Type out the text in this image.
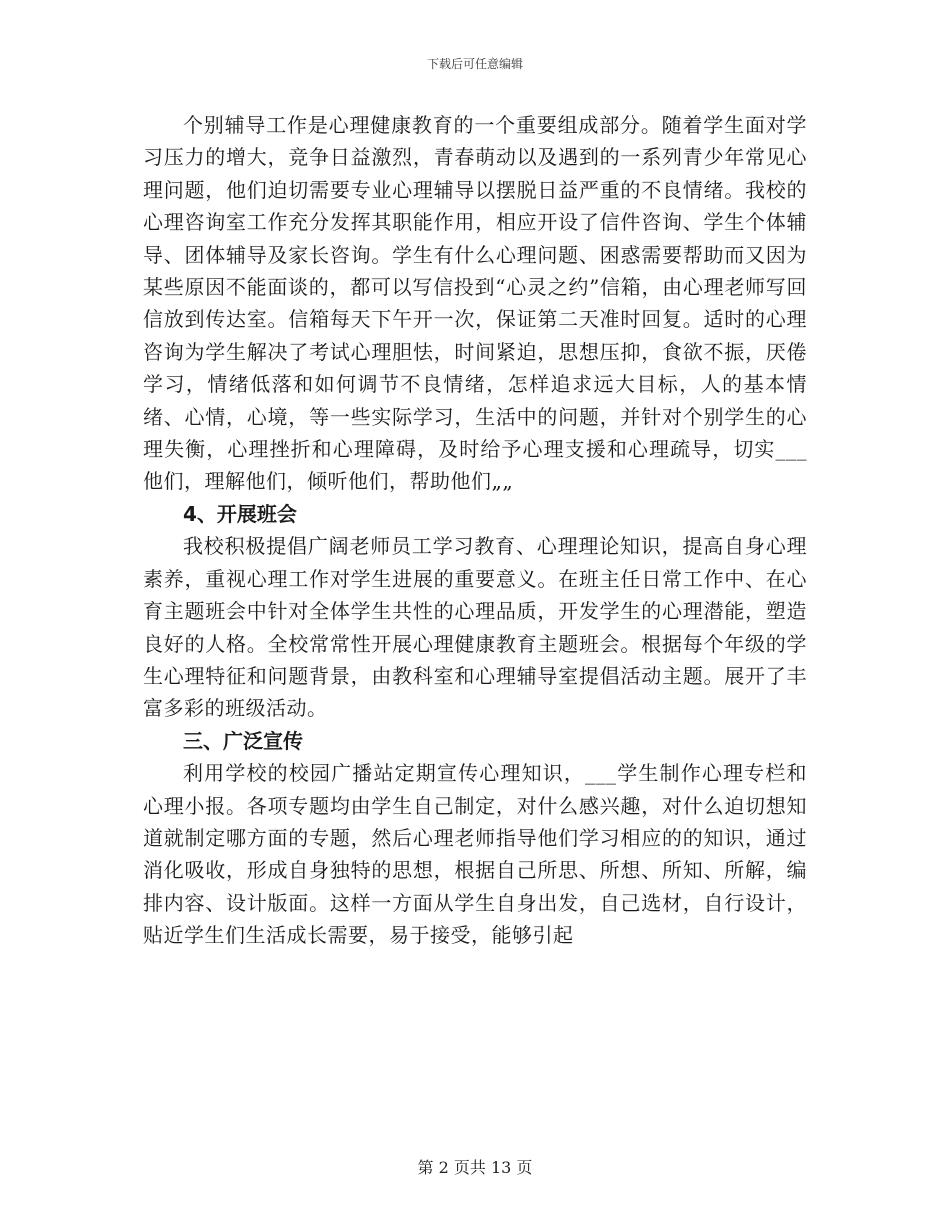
下载后可任意编辑

个别辅导工作是心理健康教育的一个重要组成部分。随着学生面对学习压力的增大，竞争日益激烈，青春萌动以及遇到的一系列青少年常见心理问题，他们迫切需要专业心理辅导以摆脱日益严重的不良情绪。我校的心理咨询室工作充分发挥其职能作用，相应开设了信件咨询、学生个体辅导、团体辅导及家长咨询。学生有什么心理问题、困惑需要帮助而又因为某些原因不能面谈的，都可以写信投到“心灵之约”信箱，由心理老师写回信放到传达室。信箱每天下午开一次，保证第二天准时回复。适时的心理咨询为学生解决了考试心理胆怯，时间紧迫，思想压抑，食欲不振，厌倦学习，情绪低落和如何调节不良情绪，怎样追求远大目标，人的基本情绪、心情，心境，等一些实际学习，生活中的问题，并针对个别学生的心理失衡，心理挫折和心理障碍，及时给予心理支援和心理疏导，切实___他们，理解他们，倾听他们，帮助他们„„

4、开展班会

我校积极提倡广阔老师员工学习教育、心理理论知识，提高自身心理素养，重视心理工作对学生进展的重要意义。在班主任日常工作中、在心育主题班会中针对全体学生共性的心理品质，开发学生的心理潜能，塑造良好的人格。全校常常性开展心理健康教育主题班会。根据每个年级的学生心理特征和问题背景，由教科室和心理辅导室提倡活动主题。展开了丰富多彩的班级活动。

三、广泛宣传

利用学校的校园广播站定期宣传心理知识，___学生制作心理专栏和心理小报。各项专题均由学生自己制定，对什么感兴趣，对什么迫切想知道就制定哪方面的专题，然后心理老师指导他们学习相应的的知识，通过消化吸收，形成自身独特的思想，根据自己所思、所想、所知、所解，编排内容、设计版面。这样一方面从学生自身出发，自己选材，自行设计，贴近学生们生活成长需要，易于接受，能够引起

第 2 页共 13 页
